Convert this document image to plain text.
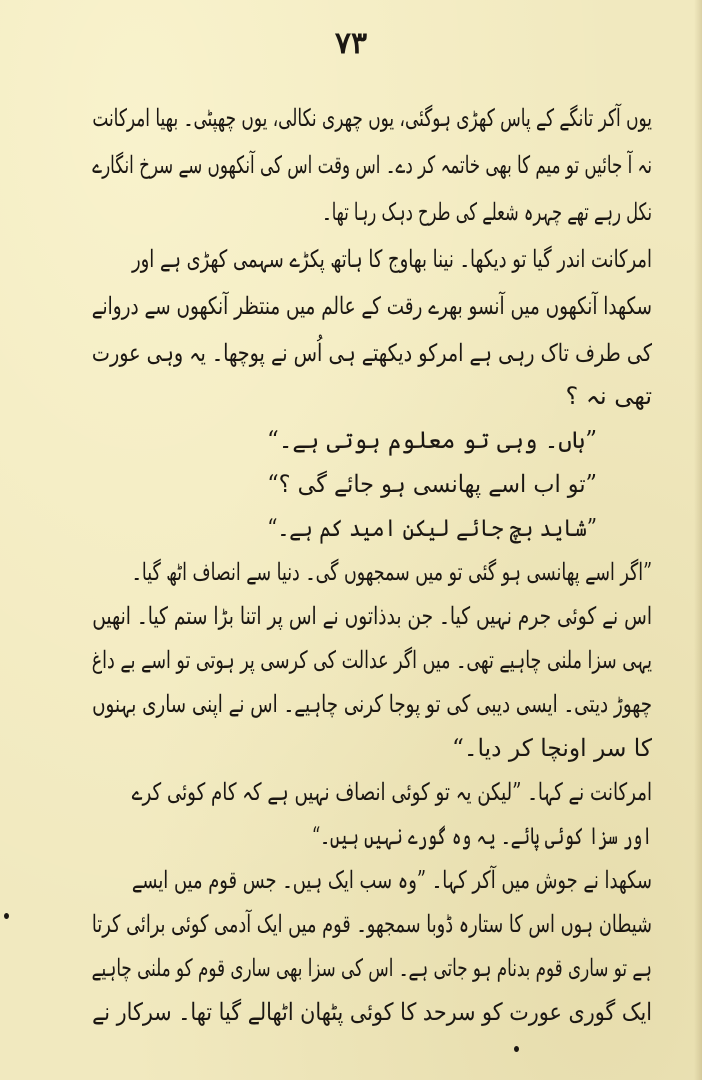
۷۳
یوں آکر تانگے کے پاس کھڑی ہوگئی، یوں چھری نکالی، یوں چھپٹی۔ بھیا امرکانت
نہ آ جائیں تو میم کا بھی خاتمہ کر دے۔ اس وقت اس کی آنکھوں سے سرخ انگارے
نکل رہے تھے چہرہ شعلے کی طرح دہک رہا تھا۔
امرکانت اندر گیا تو دیکھا۔ نینا بھاوج کا ہاتھ پکڑے سہمی کھڑی ہے اور
سکھدا آنکھوں میں آنسو بھرے رقت کے عالم میں منتظر آنکھوں سے دروانے
کی طرف تاک رہی ہے امرکو دیکھتے ہی اُس نے پوچھا۔ یہ وہی عورت
تھی نہ ؟
”ہاں۔ وہی تو معلوم ہوتی ہے۔“
”تو اب اسے پھانسی ہو جائے گی ؟“
”شاید بچ جائے لیکن امید کم ہے۔“
”اگر اسے پھانسی ہو گئی تو میں سمجھوں گی۔ دنیا سے انصاف اٹھ گیا۔
اس نے کوئی جرم نہیں کیا۔ جن بدذاتوں نے اس پر اتنا بڑا ستم کیا۔ انھیں
یہی سزا ملنی چاہیے تھی۔ میں اگر عدالت کی کرسی پر ہوتی تو اسے بے داغ
چھوڑ دیتی۔ ایسی دیبی کی تو پوجا کرنی چاہیے۔ اس نے اپنی ساری بہنوں
کا سر اونچا کر دیا۔“
امرکانت نے کہا۔ ”لیکن یہ تو کوئی انصاف نہیں ہے کہ کام کوئی کرے
اور سزا کوئی پائے۔ یہ وہ گورے نہیں ہیں۔“
سکھدا نے جوش میں آکر کہا۔ ”وہ سب ایک ہیں۔ جس قوم میں ایسے
شیطان ہوں اس کا ستارہ ڈوبا سمجھو۔ قوم میں ایک آدمی کوئی برائی کرتا
ہے تو ساری قوم بدنام ہو جاتی ہے۔ اس کی سزا بھی ساری قوم کو ملنی چاہیے
ایک گوری عورت کو سرحد کا کوئی پٹھان اٹھالے گیا تھا۔ سرکار نے
